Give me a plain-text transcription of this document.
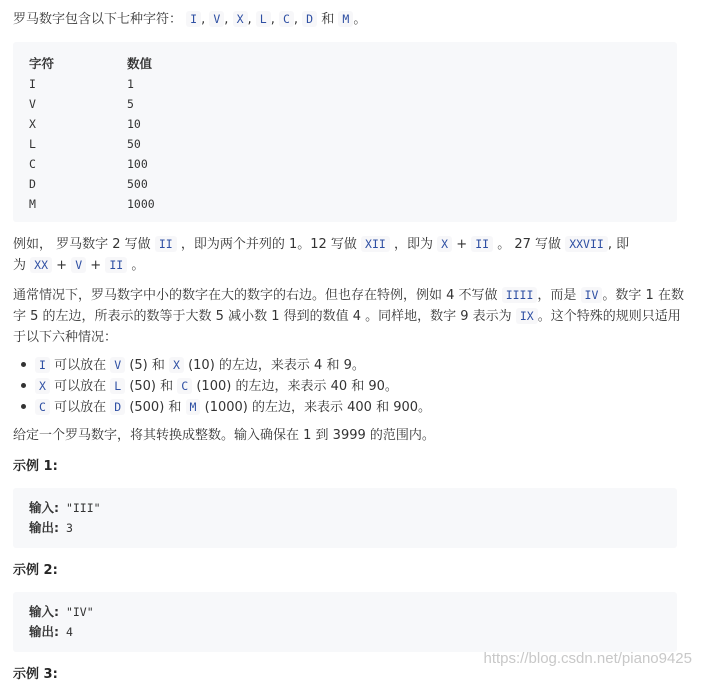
罗马数字包含以下七种字符： I , V , X , L , C , D 和 M 。

字符	数值
I	1
V	5
X	10
L	50
C	100
D	500
M	1000

例如， 罗马数字 2 写做 II ，即为两个并列的 1。12 写做 XII ，即为 X + II 。 27 写做 XXVII , 即

为 XX + V + II 。

通常情况下，罗马数字中小的数字在大的数字的右边。但也存在特例，例如 4 不写做 IIII ，而是 IV 。数字 1 在数

字 5 的左边，所表示的数等于大数 5 减小数 1 得到的数值 4 。同样地，数字 9 表示为 IX 。这个特殊的规则只适用

于以下六种情况：

I 可以放在 V (5) 和 X (10) 的左边，来表示 4 和 9。
X 可以放在 L (50) 和 C (100) 的左边，来表示 40 和 90。
C 可以放在 D (500) 和 M (1000) 的左边，来表示 400 和 900。

给定一个罗马数字，将其转换成整数。输入确保在 1 到 3999 的范围内。

示例 1:

输入: "III"
输出: 3

示例 2:

输入: "IV"
输出: 4

示例 3:

https://blog.csdn.net/piano9425
